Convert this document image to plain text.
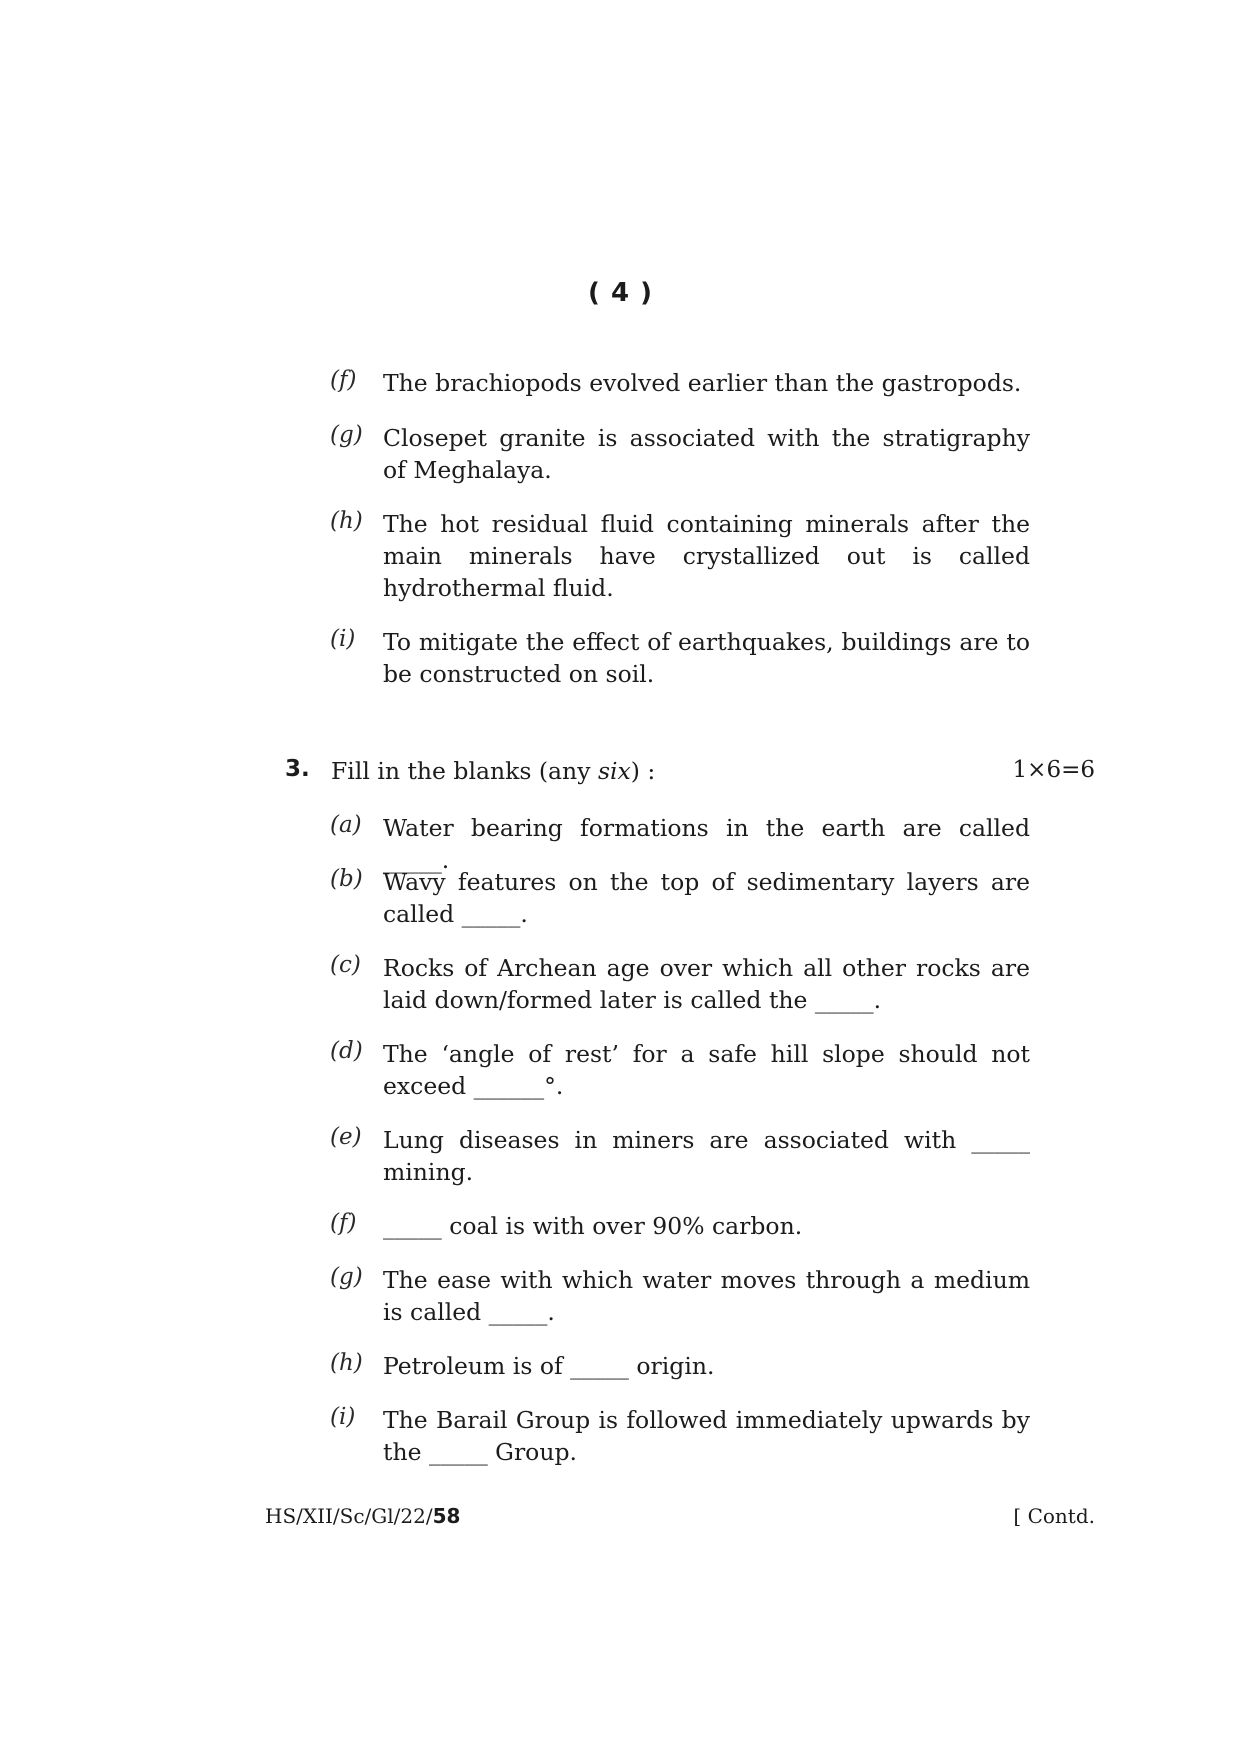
( 4 )
(f) The brachiopods evolved earlier than the gastropods.
(g) Closepet granite is associated with the stratigraphy of Meghalaya.
(h) The hot residual fluid containing minerals after the main minerals have crystallized out is called hydrothermal fluid.
(i) To mitigate the effect of earthquakes, buildings are to be constructed on soil.
3. Fill in the blanks (any six) :	1×6=6
(a) Water bearing formations in the earth are called _____.
(b) Wavy features on the top of sedimentary layers are called _____.
(c) Rocks of Archean age over which all other rocks are laid down/formed later is called the _____.
(d) The ‘angle of rest’ for a safe hill slope should not exceed ______°.
(e) Lung diseases in miners are associated with _____ mining.
(f) _____ coal is with over 90% carbon.
(g) The ease with which water moves through a medium is called _____.
(h) Petroleum is of _____ origin.
(i) The Barail Group is followed immediately upwards by the _____ Group.
HS/XII/Sc/Gl/22/58	[ Contd.
